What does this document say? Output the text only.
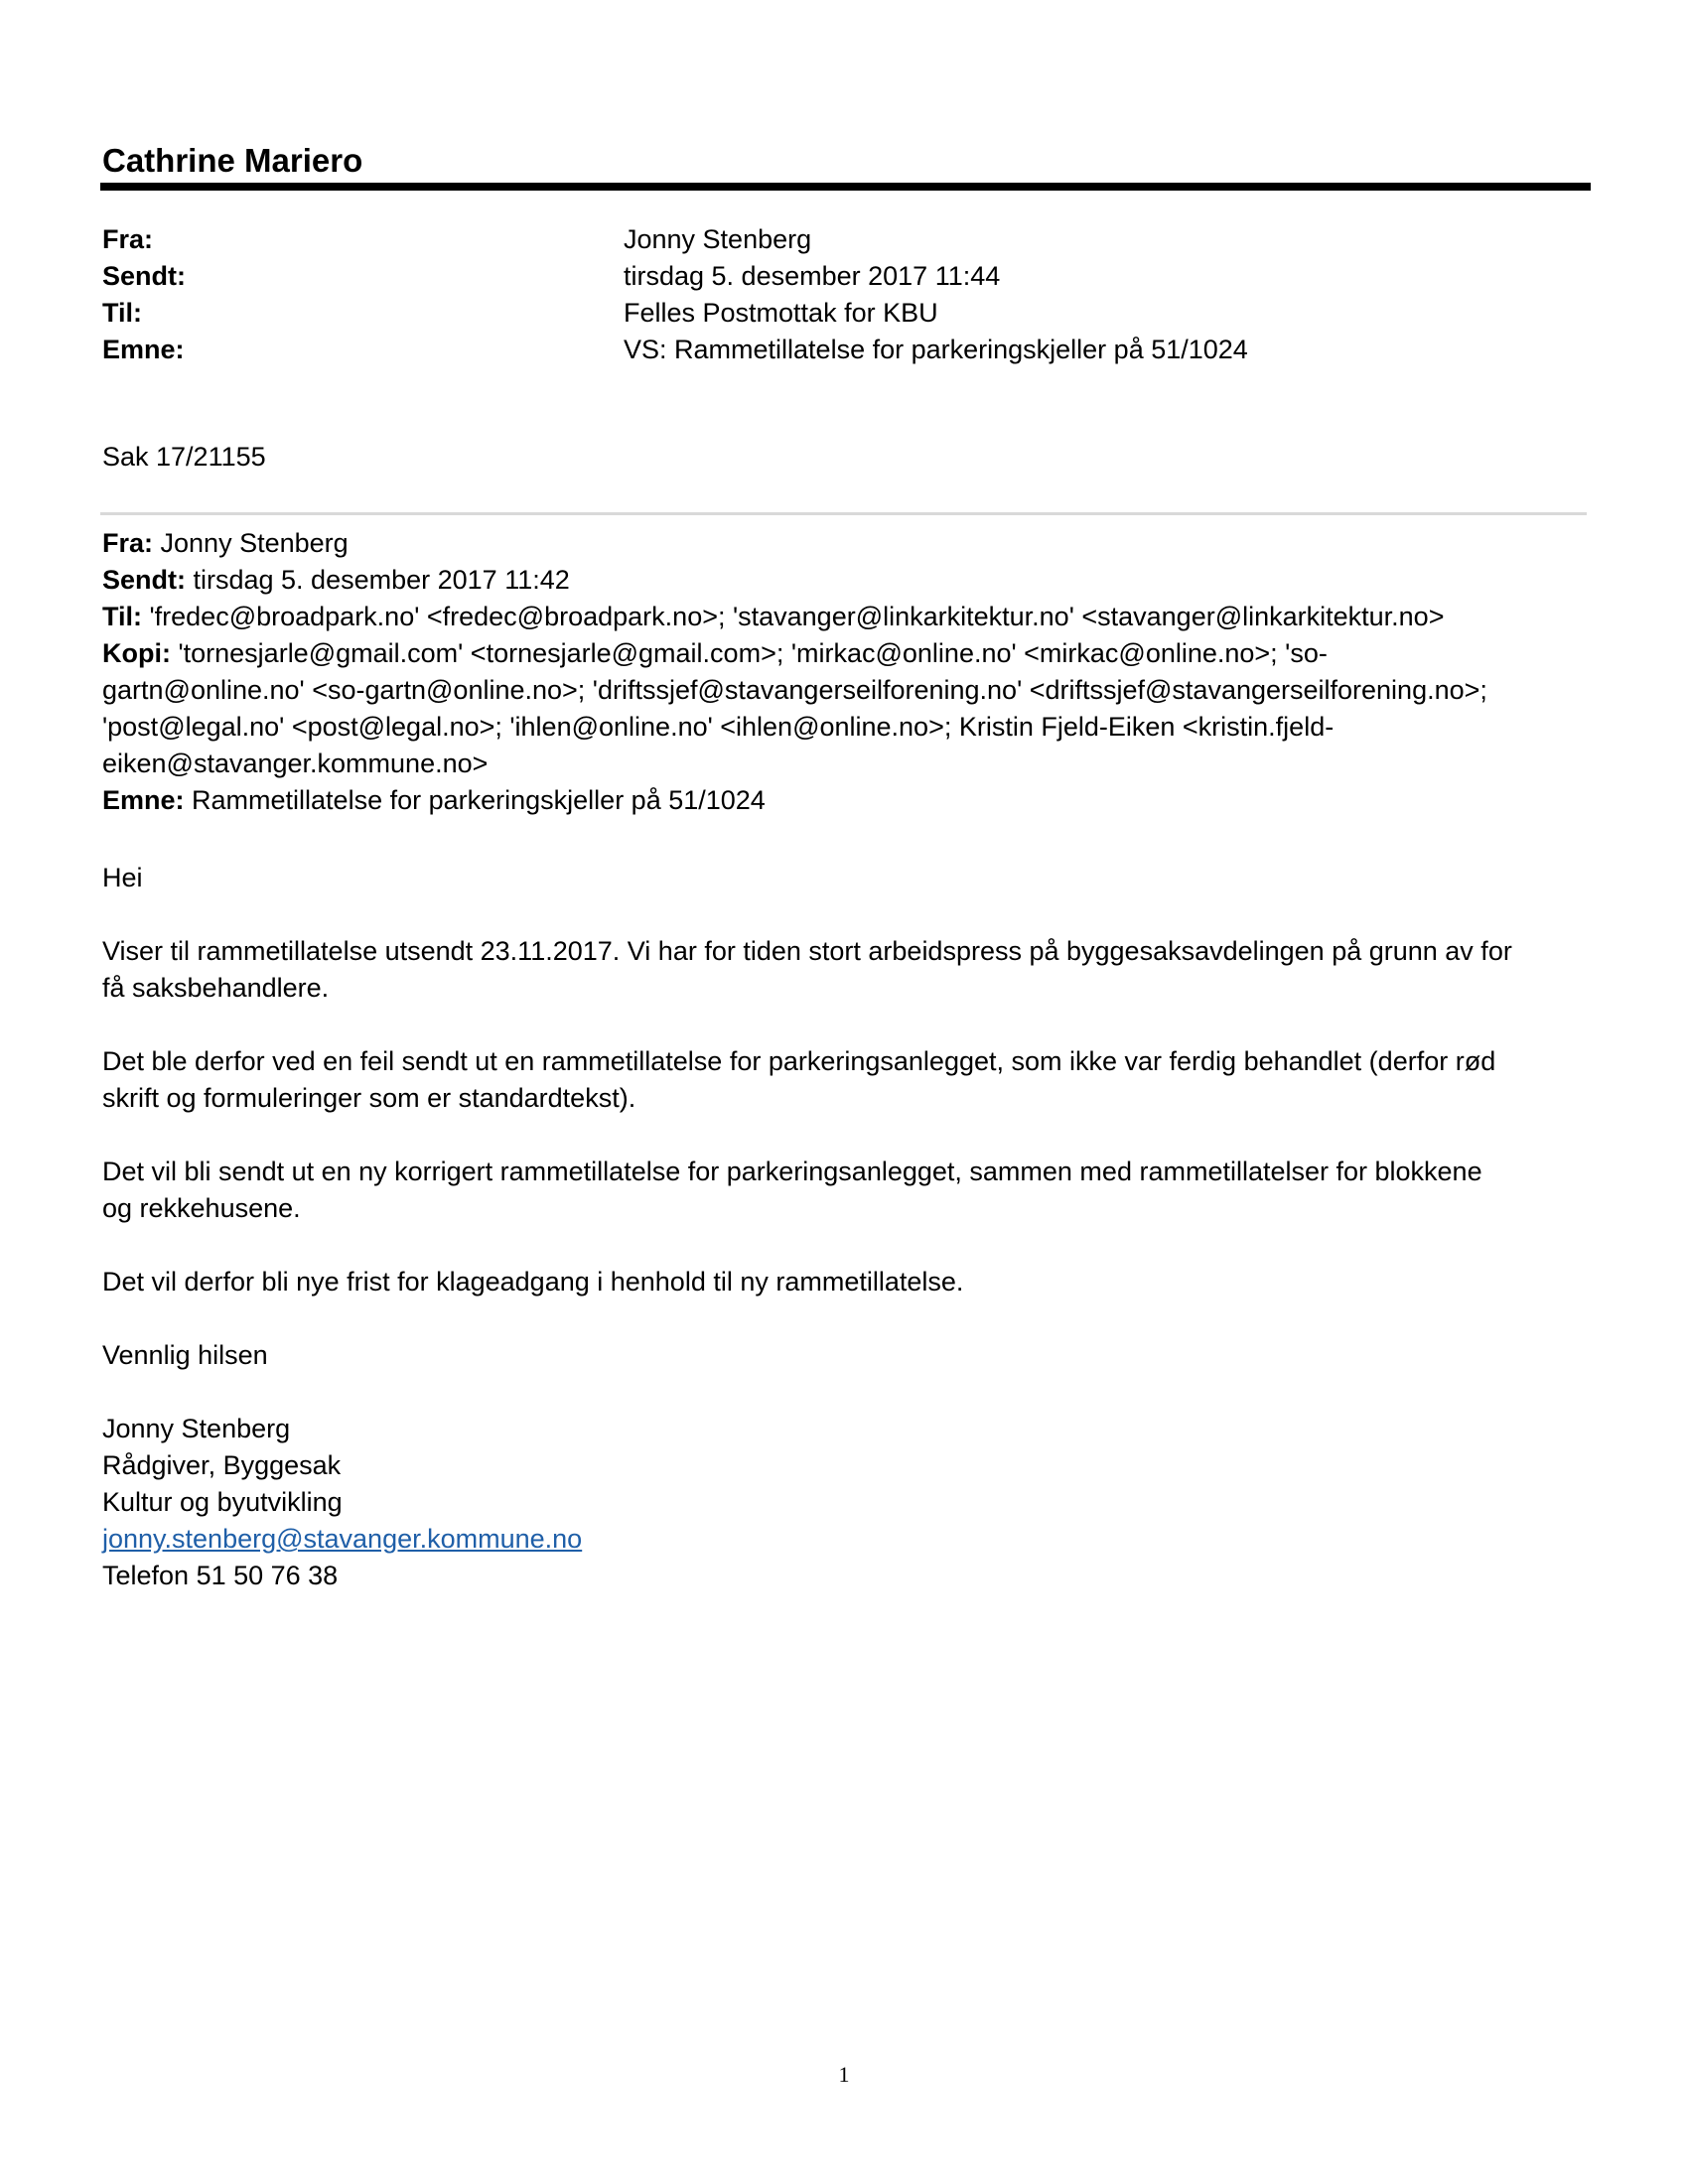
Cathrine Mariero
Fra:	Jonny Stenberg
Sendt:	tirsdag 5. desember 2017 11:44
Til:	Felles Postmottak for KBU
Emne:	VS: Rammetillatelse for parkeringskjeller på 51/1024
Sak 17/21155
Fra: Jonny Stenberg
Sendt: tirsdag 5. desember 2017 11:42
Til: 'fredec@broadpark.no' <fredec@broadpark.no>; 'stavanger@linkarkitektur.no' <stavanger@linkarkitektur.no>
Kopi: 'tornesjarle@gmail.com' <tornesjarle@gmail.com>; 'mirkac@online.no' <mirkac@online.no>; 'so-
gartn@online.no' <so-gartn@online.no>; 'driftssjef@stavangerseilforening.no' <driftssjef@stavangerseilforening.no>;
'post@legal.no' <post@legal.no>; 'ihlen@online.no' <ihlen@online.no>; Kristin Fjeld-Eiken <kristin.fjeld-
eiken@stavanger.kommune.no>
Emne: Rammetillatelse for parkeringskjeller på 51/1024
Hei
Viser til rammetillatelse utsendt 23.11.2017. Vi har for tiden stort arbeidspress på byggesaksavdelingen på grunn av for
få saksbehandlere.
Det ble derfor ved en feil sendt ut en rammetillatelse for parkeringsanlegget, som ikke var ferdig behandlet (derfor rød
skrift og formuleringer som er standardtekst).
Det vil bli sendt ut en ny korrigert rammetillatelse for parkeringsanlegget, sammen med rammetillatelser for blokkene
og rekkehusene.
Det vil derfor bli nye frist for klageadgang i henhold til ny rammetillatelse.
Vennlig hilsen
Jonny Stenberg
Rådgiver, Byggesak
Kultur og byutvikling
jonny.stenberg@stavanger.kommune.no
Telefon 51 50 76 38
1
